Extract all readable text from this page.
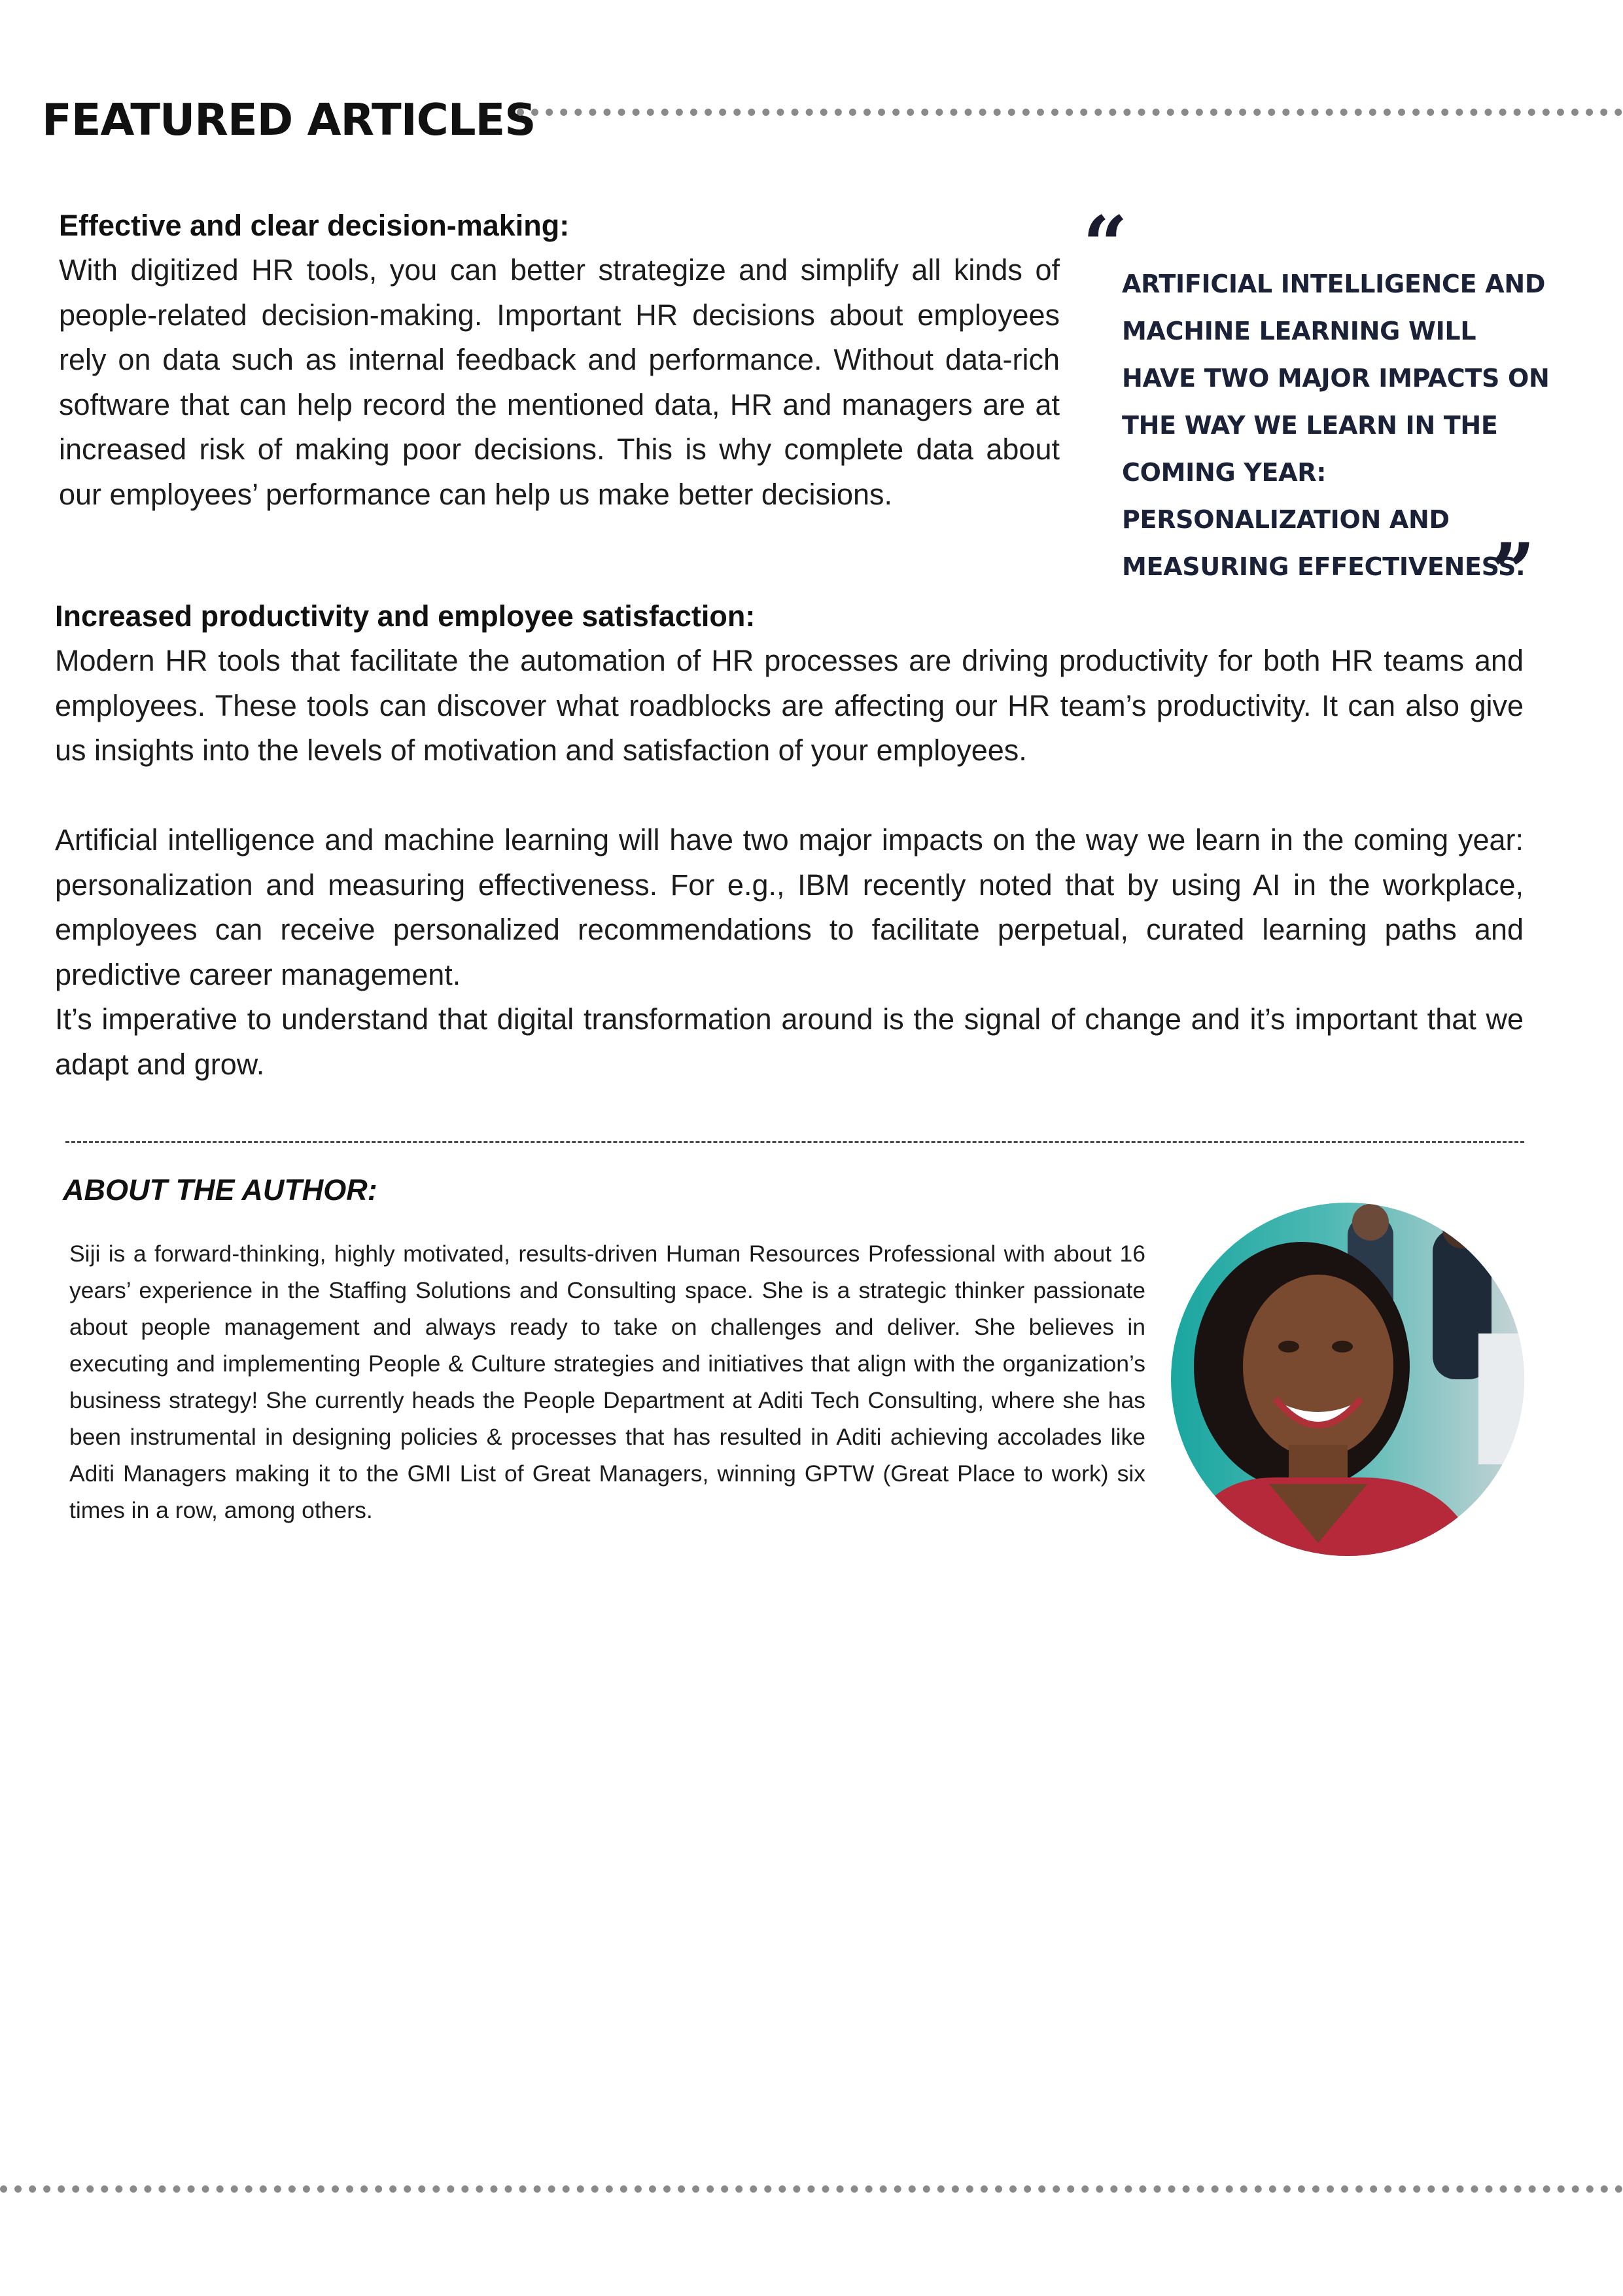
FEATURED ARTICLES
Effective and clear decision-making:

With digitized HR tools, you can better strategize and simplify all kinds of people-related decision-making. Important HR decisions about employees rely on data such as internal feedback and performance. Without data-rich software that can help record the mentioned data, HR and managers are at increased risk of making poor decisions. This is why complete data about our employees’ performance can help us make better decisions.

“
ARTIFICIAL INTELLIGENCE AND MACHINE LEARNING WILL HAVE TWO MAJOR IMPACTS ON THE WAY WE LEARN IN THE COMING YEAR: PERSONALIZATION AND MEASURING EFFECTIVENESS.
”
Increased productivity and employee satisfaction:

Modern HR tools that facilitate the automation of HR processes are driving productivity for both HR teams and employees. These tools can discover what roadblocks are affecting our HR team’s productivity. It can also give us insights into the levels of motivation and satisfaction of your employees.

Artificial intelligence and machine learning will have two major impacts on the way we learn in the coming year: personalization and measuring effectiveness. For e.g., IBM recently noted that by using AI in the workplace, employees can receive personalized recommendations to facilitate perpetual, curated learning paths and predictive career management.

It’s imperative to understand that digital transformation around is the signal of change and it’s important that we adapt and grow.

ABOUT THE AUTHOR:
Siji is a forward-thinking, highly motivated, results-driven Human Resources Professional with about 16 years’ experience in the Staffing Solutions and Consulting space. She is a strategic thinker passionate about people management and always ready to take on challenges and deliver. She believes in executing and implementing People & Culture strategies and initiatives that align with the organization’s business strategy! She currently heads the People Department at Aditi Tech Consulting, where she has been instrumental in designing policies & processes that has resulted in Aditi achieving accolades like Aditi Managers making it to the GMI List of Great Managers, winning GPTW (Great Place to work) six times in a row, among others.
